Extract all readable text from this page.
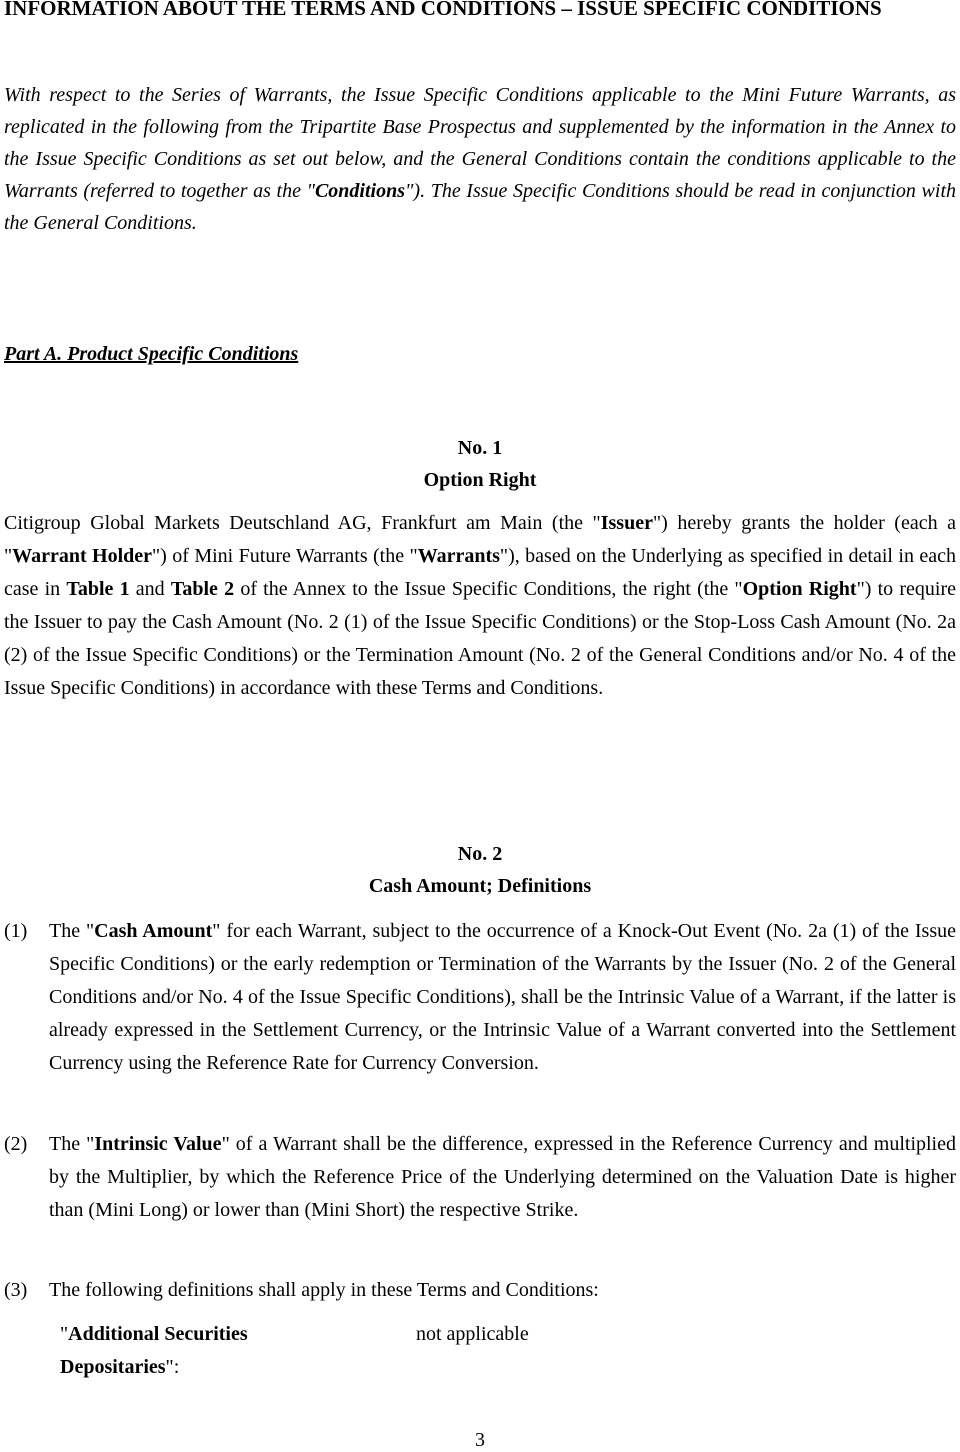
INFORMATION ABOUT THE TERMS AND CONDITIONS – ISSUE SPECIFIC CONDITIONS

With respect to the Series of Warrants, the Issue Specific Conditions applicable to the Mini Future Warrants, as replicated in the following from the Tripartite Base Prospectus and supplemented by the information in the Annex to the Issue Specific Conditions as set out below, and the General Conditions contain the conditions applicable to the Warrants (referred to together as the "Conditions"). The Issue Specific Conditions should be read in conjunction with the General Conditions.

Part A. Product Specific Conditions

No. 1

Option Right

Citigroup Global Markets Deutschland AG, Frankfurt am Main (the "Issuer") hereby grants the holder (each a "Warrant Holder") of Mini Future Warrants (the "Warrants"), based on the Underlying as specified in detail in each case in Table 1 and Table 2 of the Annex to the Issue Specific Conditions, the right (the "Option Right") to require the Issuer to pay the Cash Amount (No. 2 (1) of the Issue Specific Conditions) or the Stop-Loss Cash Amount (No. 2a (2) of the Issue Specific Conditions) or the Termination Amount (No. 2 of the General Conditions and/or No. 4 of the Issue Specific Conditions) in accordance with these Terms and Conditions.

No. 2

Cash Amount; Definitions

(1) The "Cash Amount" for each Warrant, subject to the occurrence of a Knock-Out Event (No. 2a (1) of the Issue Specific Conditions) or the early redemption or Termination of the Warrants by the Issuer (No. 2 of the General Conditions and/or No. 4 of the Issue Specific Conditions), shall be the Intrinsic Value of a Warrant, if the latter is already expressed in the Settlement Currency, or the Intrinsic Value of a Warrant converted into the Settlement Currency using the Reference Rate for Currency Conversion.

(2) The "Intrinsic Value" of a Warrant shall be the difference, expressed in the Reference Currency and multiplied by the Multiplier, by which the Reference Price of the Underlying determined on the Valuation Date is higher than (Mini Long) or lower than (Mini Short) the respective Strike.

(3) The following definitions shall apply in these Terms and Conditions:

"Additional Securities Depositaries":

not applicable

3
